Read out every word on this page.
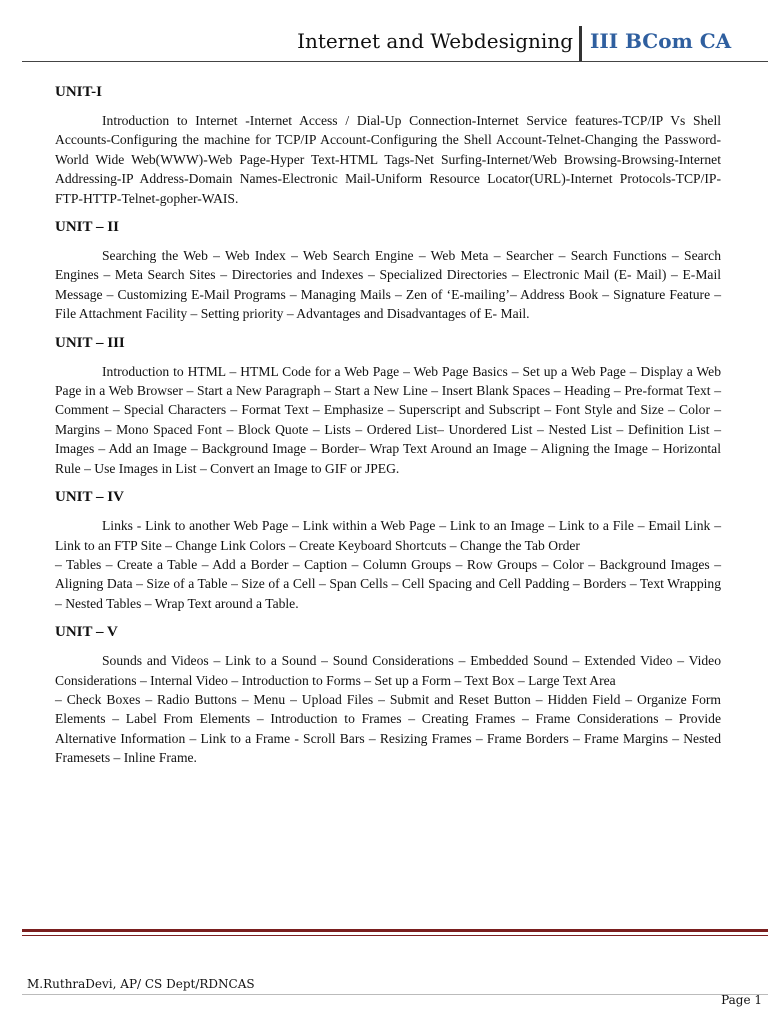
Internet and Webdesigning III BCom CA
UNIT-I

Introduction to Internet -Internet Access / Dial-Up Connection-Internet Service features-TCP/IP Vs Shell Accounts-Configuring the machine for TCP/IP Account-Configuring the Shell Account-Telnet-Changing the Password-World Wide Web(WWW)-Web Page-Hyper Text-HTML Tags-Net Surfing-Internet/Web Browsing-Browsing-Internet Addressing-IP Address-Domain Names-Electronic Mail-Uniform Resource Locator(URL)-Internet Protocols-TCP/IP-FTP-HTTP-Telnet-gopher-WAIS.

UNIT – II

Searching the Web – Web Index – Web Search Engine – Web Meta – Searcher – Search Functions – Search Engines – Meta Search Sites – Directories and Indexes – Specialized Directories – Electronic Mail (E- Mail) – E-Mail Message – Customizing E-Mail Programs – Managing Mails – Zen of ‘E-mailing’– Address Book – Signature Feature – File Attachment Facility – Setting priority – Advantages and Disadvantages of E- Mail.

UNIT – III

Introduction to HTML – HTML Code for a Web Page – Web Page Basics – Set up a Web Page – Display a Web Page in a Web Browser – Start a New Paragraph – Start a New Line – Insert Blank Spaces – Heading – Pre-format Text – Comment – Special Characters – Format Text – Emphasize – Superscript and Subscript – Font Style and Size – Color – Margins – Mono Spaced Font – Block Quote – Lists – Ordered List– Unordered List – Nested List – Definition List – Images – Add an Image – Background Image – Border– Wrap Text Around an Image – Aligning the Image – Horizontal Rule – Use Images in List – Convert an Image to GIF or JPEG.

UNIT – IV

Links - Link to another Web Page – Link within a Web Page – Link to an Image – Link to a File – Email Link – Link to an FTP Site – Change Link Colors – Create Keyboard Shortcuts – Change the Tab Order

– Tables – Create a Table – Add a Border – Caption – Column Groups – Row Groups – Color – Background Images – Aligning Data – Size of a Table – Size of a Cell – Span Cells – Cell Spacing and Cell Padding – Borders – Text Wrapping – Nested Tables – Wrap Text around a Table.

UNIT – V

Sounds and Videos – Link to a Sound – Sound Considerations – Embedded Sound – Extended Video – Video Considerations – Internal Video – Introduction to Forms – Set up a Form – Text Box – Large Text Area

– Check Boxes – Radio Buttons – Menu – Upload Files – Submit and Reset Button – Hidden Field – Organize Form Elements – Label From Elements – Introduction to Frames – Creating Frames – Frame Considerations – Provide Alternative Information – Link to a Frame - Scroll Bars – Resizing Frames – Frame Borders – Frame Margins – Nested Framesets – Inline Frame.

M.RuthraDevi, AP/ CS Dept/RDNCAS
Page 1
